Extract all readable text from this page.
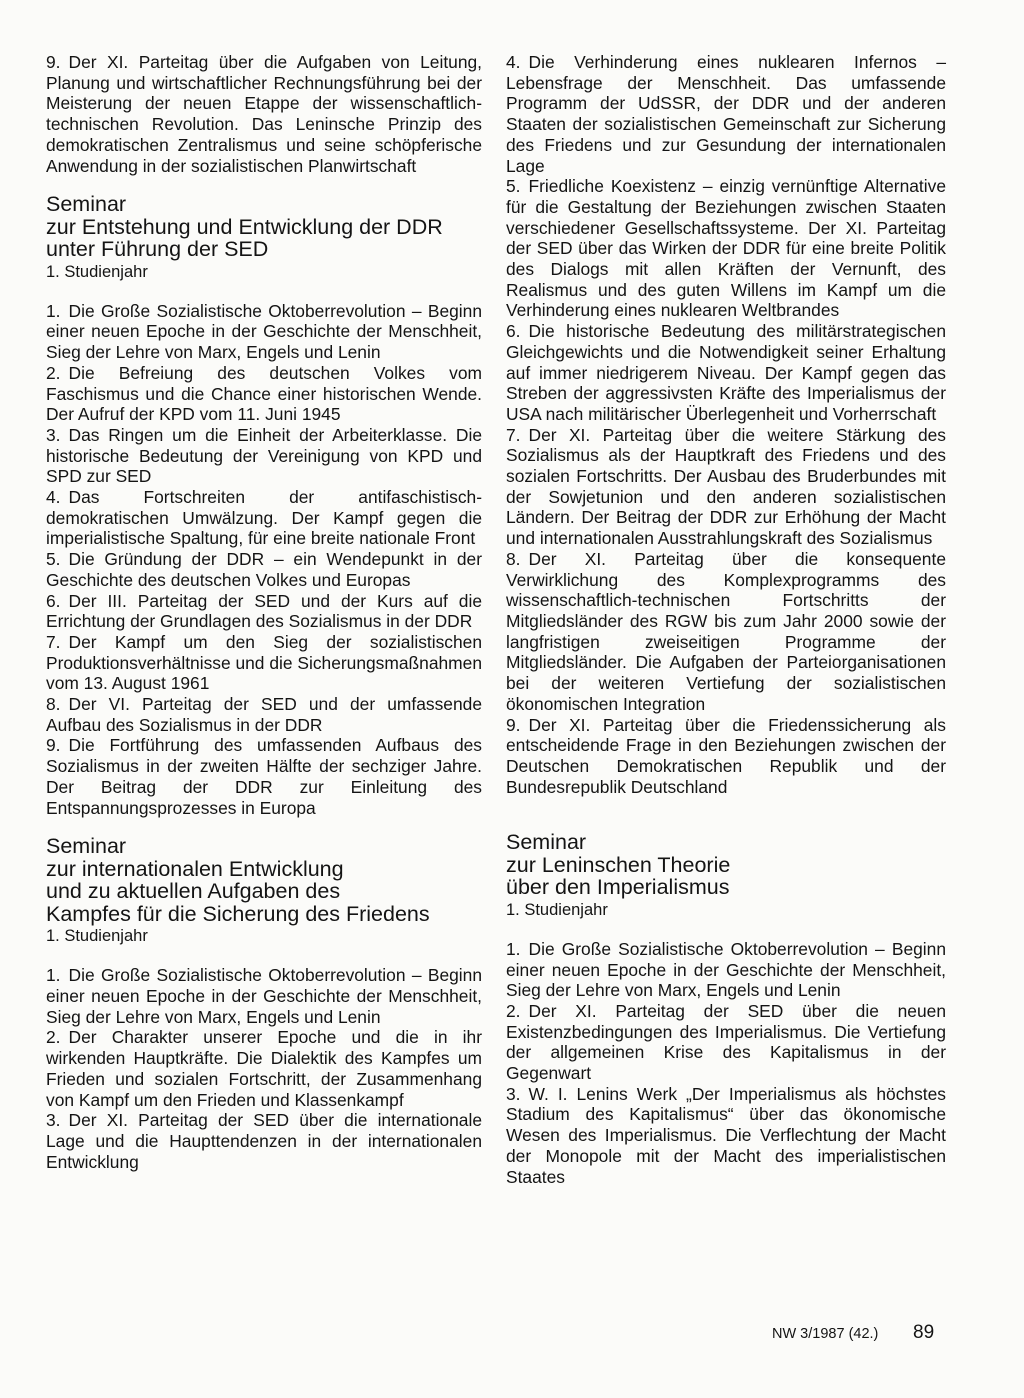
9. Der XI. Parteitag über die Aufgaben von Leitung, Planung und wirtschaftlicher Rechnungsführung bei der Meisterung der neuen Etappe der wissenschaftlich-technischen Revolution. Das Leninsche Prinzip des demokratischen Zentralismus und seine schöpferische Anwendung in der sozialistischen Planwirtschaft

Seminar
zur Entstehung und Entwicklung der DDR
unter Führung der SED
1. Studienjahr

1. Die Große Sozialistische Oktoberrevolution – Beginn einer neuen Epoche in der Geschichte der Menschheit, Sieg der Lehre von Marx, Engels und Lenin

2. Die Befreiung des deutschen Volkes vom Faschismus und die Chance einer historischen Wende. Der Aufruf der KPD vom 11. Juni 1945

3. Das Ringen um die Einheit der Arbeiterklasse. Die historische Bedeutung der Vereinigung von KPD und SPD zur SED

4. Das Fortschreiten der antifaschistisch-demokratischen Umwälzung. Der Kampf gegen die imperialistische Spaltung, für eine breite nationale Front

5. Die Gründung der DDR – ein Wendepunkt in der Geschichte des deutschen Volkes und Europas

6. Der III. Parteitag der SED und der Kurs auf die Errichtung der Grundlagen des Sozialismus in der DDR

7. Der Kampf um den Sieg der sozialistischen Produktionsverhältnisse und die Sicherungsmaßnahmen vom 13. August 1961

8. Der VI. Parteitag der SED und der umfassende Aufbau des Sozialismus in der DDR

9. Die Fortführung des umfassenden Aufbaus des Sozialismus in der zweiten Hälfte der sechziger Jahre. Der Beitrag der DDR zur Einleitung des Entspannungsprozesses in Europa

Seminar
zur internationalen Entwicklung
und zu aktuellen Aufgaben des
Kampfes für die Sicherung des Friedens
1. Studienjahr

1. Die Große Sozialistische Oktoberrevolution – Beginn einer neuen Epoche in der Geschichte der Menschheit, Sieg der Lehre von Marx, Engels und Lenin

2. Der Charakter unserer Epoche und die in ihr wirkenden Hauptkräfte. Die Dialektik des Kampfes um Frieden und sozialen Fortschritt, der Zusammenhang von Kampf um den Frieden und Klassenkampf

3. Der XI. Parteitag der SED über die internationale Lage und die Haupttendenzen in der internationalen Entwicklung

4. Die Verhinderung eines nuklearen Infernos – Lebensfrage der Menschheit. Das umfassende Programm der UdSSR, der DDR und der anderen Staaten der sozialistischen Gemeinschaft zur Sicherung des Friedens und zur Gesundung der internationalen Lage

5. Friedliche Koexistenz – einzig vernünftige Alternative für die Gestaltung der Beziehungen zwischen Staaten verschiedener Gesellschaftssysteme. Der XI. Parteitag der SED über das Wirken der DDR für eine breite Politik des Dialogs mit allen Kräften der Vernunft, des Realismus und des guten Willens im Kampf um die Verhinderung eines nuklearen Weltbrandes

6. Die historische Bedeutung des militärstrategischen Gleichgewichts und die Notwendigkeit seiner Erhaltung auf immer niedrigerem Niveau. Der Kampf gegen das Streben der aggressivsten Kräfte des Imperialismus der USA nach militärischer Überlegenheit und Vorherrschaft

7. Der XI. Parteitag über die weitere Stärkung des Sozialismus als der Hauptkraft des Friedens und des sozialen Fortschritts. Der Ausbau des Bruderbundes mit der Sowjetunion und den anderen sozialistischen Ländern. Der Beitrag der DDR zur Erhöhung der Macht und internationalen Ausstrahlungskraft des Sozialismus

8. Der XI. Parteitag über die konsequente Verwirklichung des Komplexprogramms des wissenschaftlich-technischen Fortschritts der Mitgliedsländer des RGW bis zum Jahr 2000 sowie der langfristigen zweiseitigen Programme der Mitgliedsländer. Die Aufgaben der Parteiorganisationen bei der weiteren Vertiefung der sozialistischen ökonomischen Integration

9. Der XI. Parteitag über die Friedenssicherung als entscheidende Frage in den Beziehungen zwischen der Deutschen Demokratischen Republik und der Bundesrepublik Deutschland

Seminar
zur Leninschen Theorie
über den Imperialismus
1. Studienjahr

1. Die Große Sozialistische Oktoberrevolution – Beginn einer neuen Epoche in der Geschichte der Menschheit, Sieg der Lehre von Marx, Engels und Lenin

2. Der XI. Parteitag der SED über die neuen Existenzbedingungen des Imperialismus. Die Vertiefung der allgemeinen Krise des Kapitalismus in der Gegenwart

3. W. I. Lenins Werk „Der Imperialismus als höchstes Stadium des Kapitalismus“ über das ökonomische Wesen des Imperialismus. Die Verflechtung der Macht der Monopole mit der Macht des imperialistischen Staates

NW 3/1987 (42.) 89
